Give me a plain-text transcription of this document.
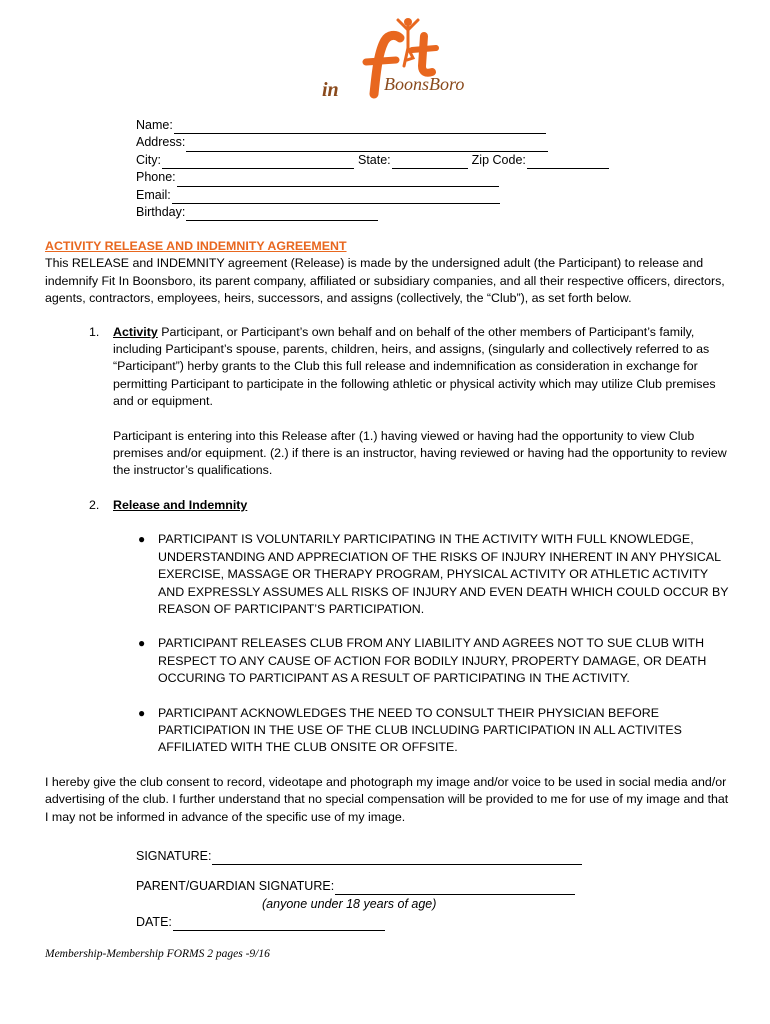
in	BoonsBoro
Name:
Address:
City:	State:	Zip Code:
Phone:
Email:
Birthday:

ACTIVITY RELEASE AND INDEMNITY AGREEMENT

This RELEASE and INDEMNITY agreement (Release) is made by the undersigned adult (the Participant) to release and indemnify Fit In Boonsboro, its parent company, affiliated or subsidiary companies, and all their respective officers, directors, agents, contractors, employees, heirs, successors, and assigns (collectively, the “Club”), as set forth below.

1. Activity Participant, or Participant’s own behalf and on behalf of the other members of Participant’s family, including Participant’s spouse, parents, children, heirs, and assigns, (singularly and collectively referred to as “Participant”) herby grants to the Club this full release and indemnification as consideration in exchange for permitting Participant to participate in the following athletic or physical activity which may utilize Club premises and or equipment.

Participant is entering into this Release after (1.) having viewed or having had the opportunity to view Club premises and/or equipment. (2.) if there is an instructor, having reviewed or having had the opportunity to review the instructor’s qualifications.

2. Release and Indemnity

● PARTICIPANT IS VOLUNTARILY PARTICIPATING IN THE ACTIVITY WITH FULL KNOWLEDGE, UNDERSTANDING AND APPRECIATION OF THE RISKS OF INJURY INHERENT IN ANY PHYSICAL EXERCISE, MASSAGE OR THERAPY PROGRAM, PHYSICAL ACTIVITY OR ATHLETIC ACTIVITY AND EXPRESSLY ASSUMES ALL RISKS OF INJURY AND EVEN DEATH WHICH COULD OCCUR BY REASON OF PARTICIPANT’S PARTICIPATION.
● PARTICIPANT RELEASES CLUB FROM ANY LIABILITY AND AGREES NOT TO SUE CLUB WITH RESPECT TO ANY CAUSE OF ACTION FOR BODILY INJURY, PROPERTY DAMAGE, OR DEATH OCCURING TO PARTICIPANT AS A RESULT OF PARTICIPATING IN THE ACTIVITY.
● PARTICIPANT ACKNOWLEDGES THE NEED TO CONSULT THEIR PHYSICIAN BEFORE PARTICIPATION IN THE USE OF THE CLUB INCLUDING PARTICIPATION IN ALL ACTIVITES AFFILIATED WITH THE CLUB ONSITE OR OFFSITE.

I hereby give the club consent to record, videotape and photograph my image and/or voice to be used in social media and/or advertising of the club. I further understand that no special compensation will be provided to me for use of my image and that I may not be informed in advance of the specific use of my image.

SIGNATURE:
PARENT/GUARDIAN SIGNATURE:
(anyone under 18 years of age)
DATE:
Membership-Membership FORMS 2 pages -9/16
